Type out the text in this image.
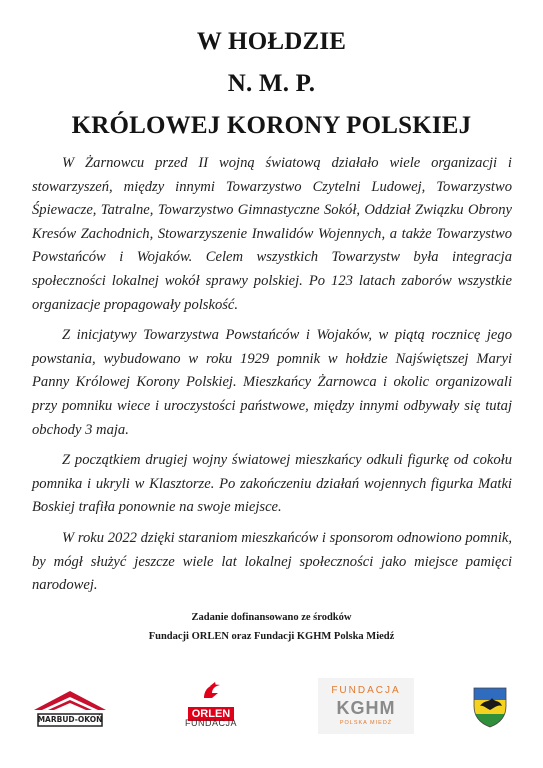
W HOŁDZIE
N. M. P.
KRÓLOWEJ KORONY POLSKIEJ

W Żarnowcu przed II wojną światową działało wiele organizacji i stowarzyszeń, między innymi Towarzystwo Czytelni Ludowej, Towarzystwo Śpiewacze, Tatralne, Towarzystwo Gimnastyczne Sokół, Oddział Związku Obrony Kresów Zachodnich, Stowarzyszenie Inwalidów Wojennych, a także Towarzystwo Powstańców i Wojaków. Celem wszystkich Towarzystw była integracja społeczności lokalnej wokół sprawy polskiej. Po 123 latach zaborów wszystkie organizacje propagowały polskość.

Z inicjatywy Towarzystwa Powstańców i Wojaków, w piątą rocznicę jego powstania, wybudowano w roku 1929 pomnik w hołdzie Najświętszej Maryi Panny Królowej Korony Polskiej. Mieszkańcy Żarnowca i okolic organizowali przy pomniku wiece i uroczystości państwowe, między innymi odbywały się tutaj obchody 3 maja.

Z początkiem drugiej wojny światowej mieszkańcy odkuli figurkę od cokołu pomnika i ukryli w Klasztorze. Po zakończeniu działań wojennych figurka Matki Boskiej trafiła ponownie na swoje miejsce.

W roku 2022 dzięki staraniom mieszkańców i sponsorom odnowiono pomnik, by mógł służyć jeszcze wiele lat lokalnej społeczności jako miejsce pamięci narodowej.

Zadanie dofinansowano ze środków
Fundacji ORLEN oraz Fundacji KGHM Polska Miedź
MARBUD-OKOŃ	ORLEN
FUNDACJA
FUNDACJA
KGHM
POLSKA MIEDŹ
